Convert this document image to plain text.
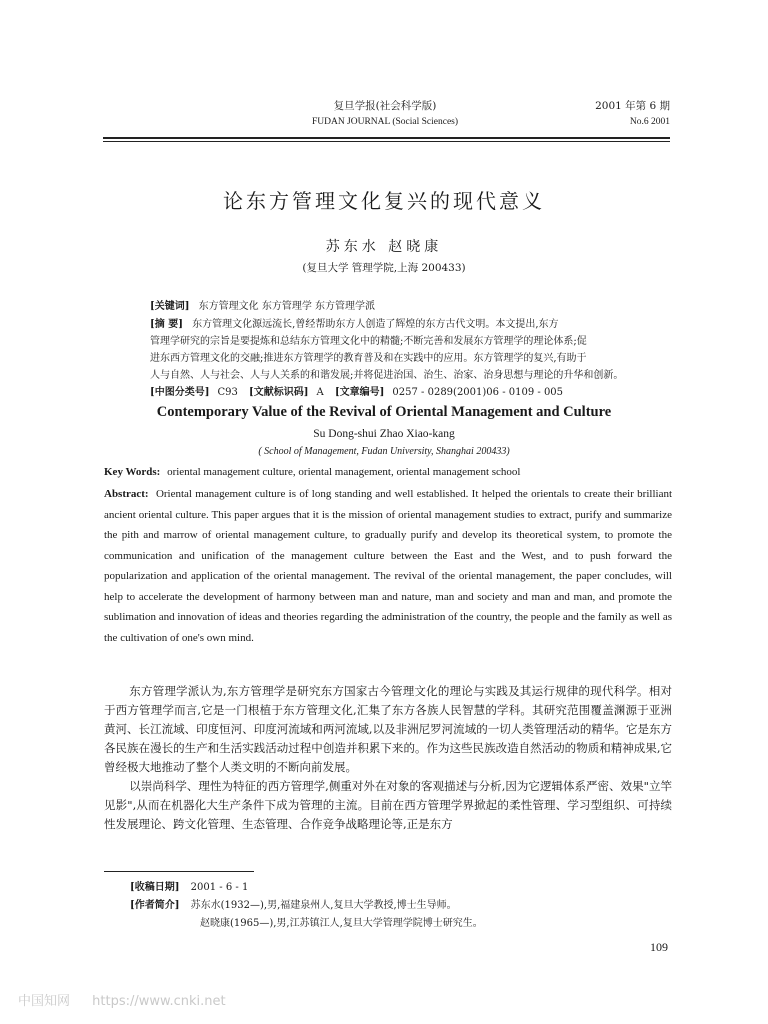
复旦学报(社会科学版)
FUDAN JOURNAL (Social Sciences)
2001 年第 6 期
No.6 2001
论东方管理文化复兴的现代意义
苏东水 赵晓康
(复旦大学 管理学院,上海 200433)
[关键词] 东方管理文化 东方管理学 东方管理学派
[摘 要] 东方管理文化源远流长,曾经帮助东方人创造了辉煌的东方古代文明。本文提出,东方
管理学研究的宗旨是要提炼和总结东方管理文化中的精髓;不断完善和发展东方管理学的理论体系;促
进东西方管理文化的交融;推进东方管理学的教育普及和在实践中的应用。东方管理学的复兴,有助于
人与自然、人与社会、人与人关系的和谐发展;并将促进治国、治生、治家、治身思想与理论的升华和创新。
[中图分类号] C93 [文献标识码] A [文章编号] 0257 - 0289(2001)06 - 0109 - 005
Contemporary Value of the Revival of Oriental Management and Culture
Su Dong-shui Zhao Xiao-kang
( School of Management, Fudan University, Shanghai 200433)
Key Words: oriental management culture, oriental management, oriental management school
Abstract: Oriental management culture is of long standing and well established. It helped the orientals to create their brilliant ancient oriental culture. This paper argues that it is the mission of oriental management studies to extract, purify and summarize the pith and marrow of oriental management culture, to gradually purify and develop its theoretical system, to promote the communication and unification of the management culture between the East and the West, and to push forward the popularization and application of the oriental management. The revival of the oriental management, the paper concludes, will help to accelerate the development of harmony between man and nature, man and society and man and man, and promote the sublimation and innovation of ideas and theories regarding the administration of the country, the people and the family as well as the cultivation of one's own mind.

东方管理学派认为,东方管理学是研究东方国家古今管理文化的理论与实践及其运行规律的现代科学。相对于西方管理学而言,它是一门根植于东方管理文化,汇集了东方各族人民智慧的学科。其研究范围覆盖渊源于亚洲黄河、长江流域、印度恒河、印度河流域和两河流域,以及非洲尼罗河流域的一切人类管理活动的精华。它是东方各民族在漫长的生产和生活实践活动过程中创造并积累下来的。作为这些民族改造自然活动的物质和精神成果,它曾经极大地推动了整个人类文明的不断向前发展。

以崇尚科学、理性为特征的西方管理学,侧重对外在对象的客观描述与分析,因为它逻辑体系严密、效果"立竿见影",从而在机器化大生产条件下成为管理的主流。目前在西方管理学界掀起的柔性管理、学习型组织、可持续性发展理论、跨文化管理、生态管理、合作竞争战略理论等,正是东方

[收稿日期] 2001 - 6 - 1
[作者简介] 苏东水(1932—),男,福建泉州人,复旦大学教授,博士生导师。
赵晓康(1965—),男,江苏镇江人,复旦大学管理学院博士研究生。
109
中国知网 https://www.cnki.net
